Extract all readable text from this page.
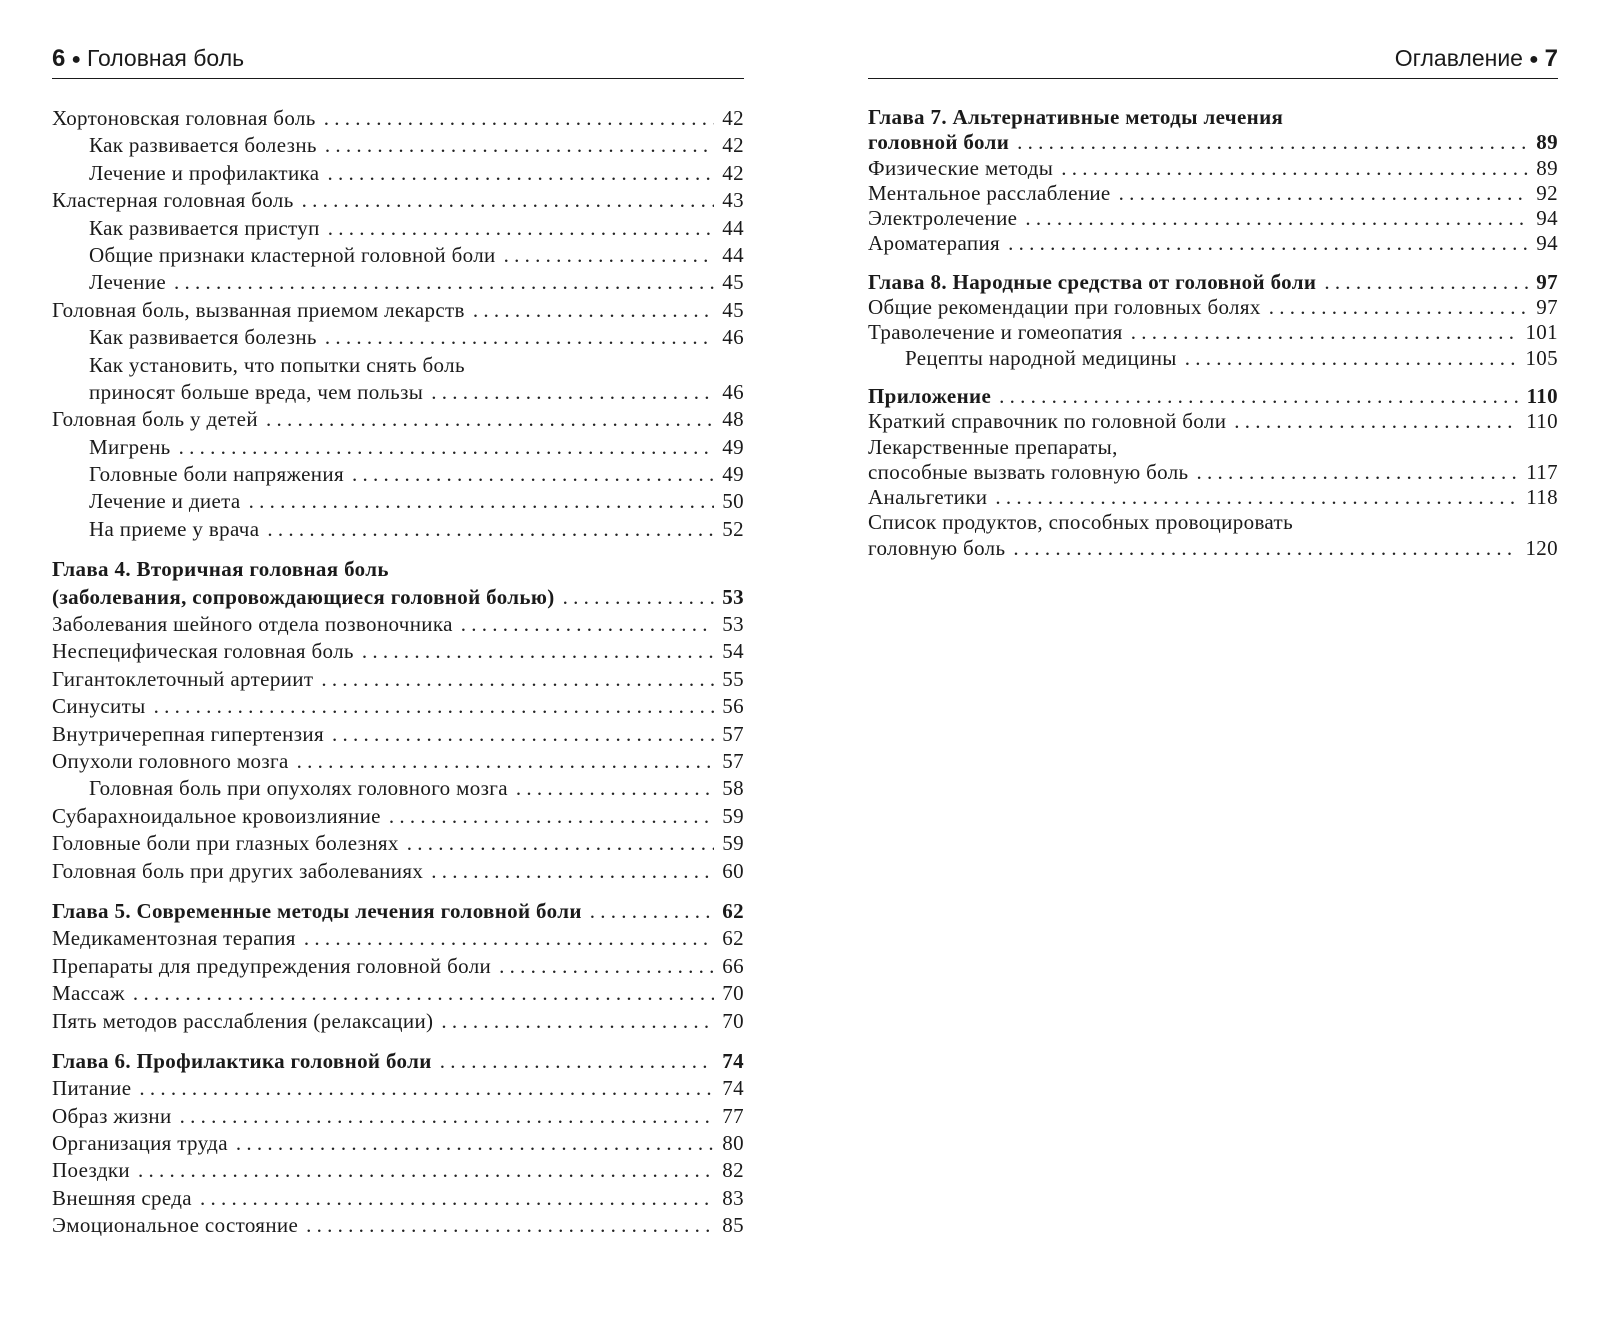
6 ● Головная боль
Хортоновская головная боль . . .	42
Как развивается болезнь . . .	42
Лечение и профилактика . . .	42
Кластерная головная боль . . .	43
Как развивается приступ . . .	44
Общие признаки кластерной головной боли . . .	44
Лечение . . .	45
Головная боль, вызванная приемом лекарств . . .	45
Как развивается болезнь . . .	46
Как установить, что попытки снять боль
приносят больше вреда, чем пользы . . .	46
Головная боль у детей . . .	48
Мигрень . . .	49
Головные боли напряжения . . .	49
Лечение и диета . . .	50
На приеме у врача . . .	52
Глава 4. Вторичная головная боль
(заболевания, сопровождающиеся головной болью) . . .	53
Заболевания шейного отдела позвоночника . . .	53
Неспецифическая головная боль . . .	54
Гигантоклеточный артериит . . .	55
Синуситы . . .	56
Внутричерепная гипертензия . . .	57
Опухоли головного мозга . . .	57
Головная боль при опухолях головного мозга . . .	58
Субарахноидальное кровоизлияние . . .	59
Головные боли при глазных болезнях . . .	59
Головная боль при других заболеваниях . . .	60
Глава 5. Современные методы лечения головной боли . . .	62
Медикаментозная терапия . . .	62
Препараты для предупреждения головной боли . . .	66
Массаж . . .	70
Пять методов расслабления (релаксации) . . .	70
Глава 6. Профилактика головной боли . . .	74
Питание . . .	74
Образ жизни . . .	77
Организация труда . . .	80
Поездки . . .	82
Внешняя среда . . .	83
Эмоциональное состояние . . .	85
Оглавление ● 7
Глава 7. Альтернативные методы лечения
головной боли . . .	89
Физические методы . . .	89
Ментальное расслабление . . .	92
Электролечение . . .	94
Ароматерапия . . .	94
Глава 8. Народные средства от головной боли . . .	97
Общие рекомендации при головных болях . . .	97
Траволечение и гомеопатия . . .	101
Рецепты народной медицины . . .	105
Приложение . . .	110
Краткий справочник по головной боли . . .	110
Лекарственные препараты,
способные вызвать головную боль . . .	117
Анальгетики . . .	118
Список продуктов, способных провоцировать
головную боль . . .	120
